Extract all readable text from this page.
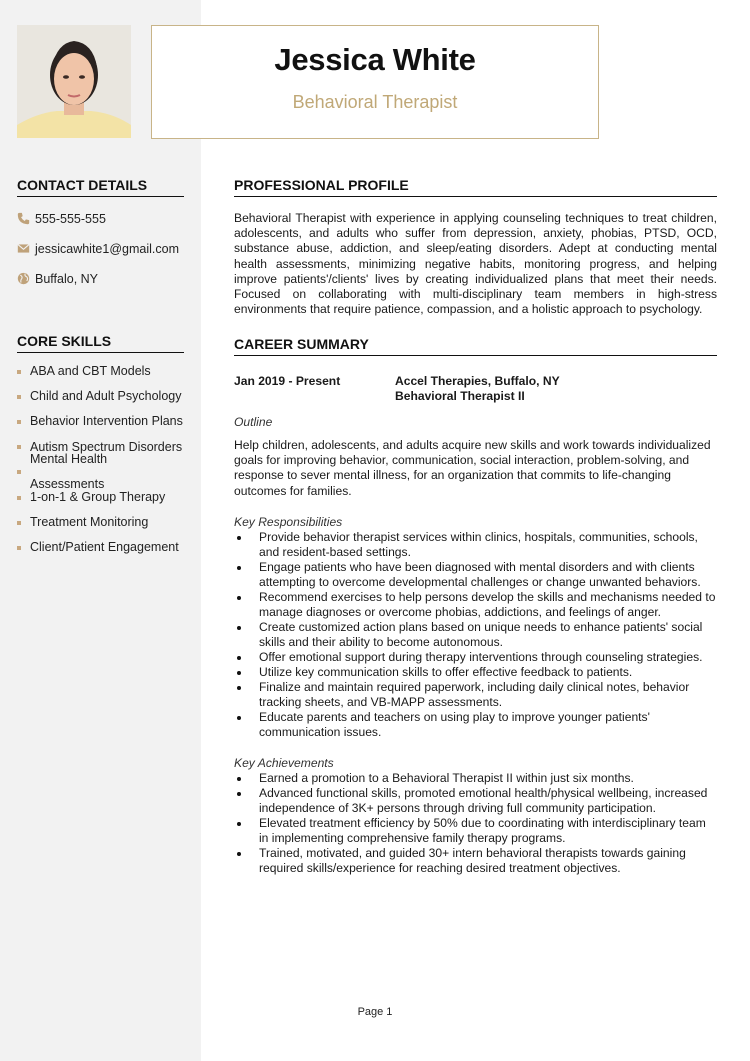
Jessica White
Behavioral Therapist
CONTACT DETAILS
555-555-555
jessicawhite1@gmail.com
Buffalo, NY
CORE SKILLS
ABA and CBT Models
Child and Adult Psychology
Behavior Intervention Plans
Autism Spectrum Disorders
Mental Health Assessments
1-on-1 & Group Therapy
Treatment Monitoring
Client/Patient Engagement
PROFESSIONAL PROFILE

Behavioral Therapist with experience in applying counseling techniques to treat children, adolescents, and adults who suffer from depression, anxiety, phobias, PTSD, OCD, substance abuse, addiction, and sleep/eating disorders. Adept at conducting mental health assessments, minimizing negative habits, monitoring progress, and helping improve patients'/clients' lives by creating individualized plans that meet their needs. Focused on collaborating with multi-disciplinary team members in high-stress environments that require patience, compassion, and a holistic approach to psychology.

CAREER SUMMARY
Jan 2019 - Present	Accel Therapies, Buffalo, NY
Behavioral Therapist II
Outline

Help children, adolescents, and adults acquire new skills and work towards individualized goals for improving behavior, communication, social interaction, problem-solving, and response to sever mental illness, for an organization that commits to life-changing outcomes for families.

Key Responsibilities
Provide behavior therapist services within clinics, hospitals, communities, schools, and resident-based settings.
Engage patients who have been diagnosed with mental disorders and with clients attempting to overcome developmental challenges or change unwanted behaviors.
Recommend exercises to help persons develop the skills and mechanisms needed to manage diagnoses or overcome phobias, addictions, and feelings of anger.
Create customized action plans based on unique needs to enhance patients' social skills and their ability to become autonomous.
Offer emotional support during therapy interventions through counseling strategies.
Utilize key communication skills to offer effective feedback to patients.
Finalize and maintain required paperwork, including daily clinical notes, behavior tracking sheets, and VB-MAPP assessments.
Educate parents and teachers on using play to improve younger patients' communication issues.
Key Achievements
Earned a promotion to a Behavioral Therapist II within just six months.
Advanced functional skills, promoted emotional health/physical wellbeing, increased independence of 3K+ persons through driving full community participation.
Elevated treatment efficiency by 50% due to coordinating with interdisciplinary team in implementing comprehensive family therapy programs.
Trained, motivated, and guided 30+ intern behavioral therapists towards gaining required skills/experience for reaching desired treatment objectives.
Page 1
